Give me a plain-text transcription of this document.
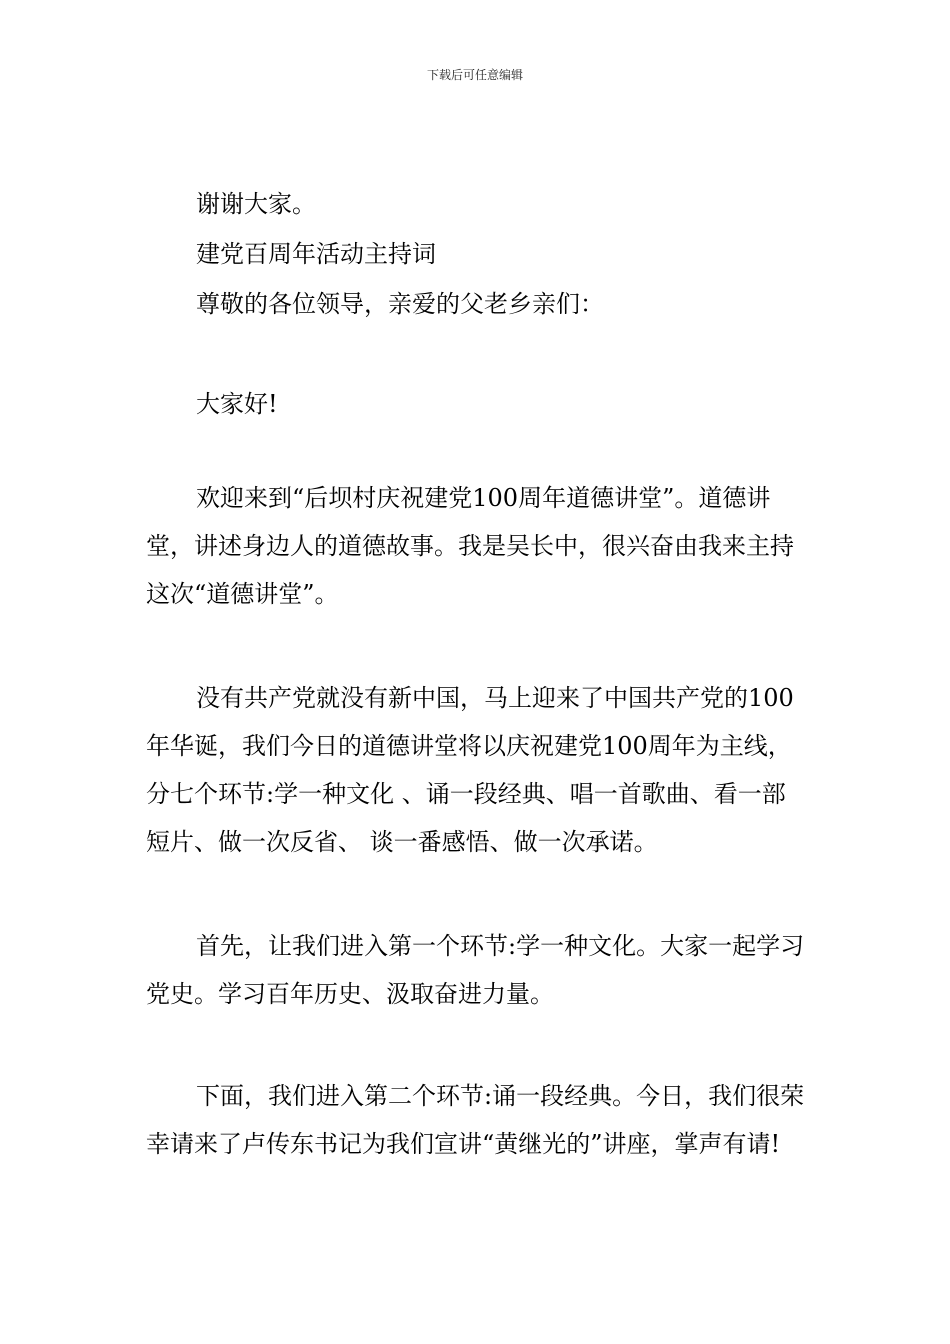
下载后可任意编辑
谢谢大家。
建党百周年活动主持词
尊敬的各位领导，亲爱的父老乡亲们：
大家好!
欢迎来到“后坝村庆祝建党100周年道德讲堂”。道德讲堂，讲述身边人的道德故事。我是吴长中，很兴奋由我来主持这次“道德讲堂”。
没有共产党就没有新中国，马上迎来了中国共产党的100年华诞，我们今日的道德讲堂将以庆祝建党100周年为主线，分七个环节:学一种文化 、诵一段经典、唱一首歌曲、看一部短片、做一次反省、 谈一番感悟、做一次承诺。
首先，让我们进入第一个环节:学一种文化。大家一起学习党史。学习百年历史、汲取奋进力量。
下面，我们进入第二个环节:诵一段经典。今日，我们很荣幸请来了卢传东书记为我们宣讲“黄继光的”讲座，掌声有请!
